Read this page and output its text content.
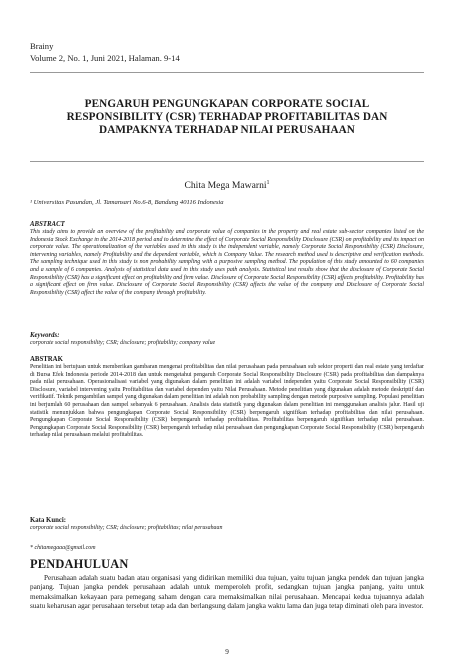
Brainy
Volume 2, No. 1, Juni 2021, Halaman. 9-14
PENGARUH PENGUNGKAPAN CORPORATE SOCIAL
RESPONSIBILITY (CSR) TERHADAP PROFITABILITAS DAN
DAMPAKNYA TERHADAP NILAI PERUSAHAAN
Chita Mega Mawarni$^1$
¹ Universitas Pasundan, Jl. Tamansari No.6-8, Bandung 40116 Indonesia
ABSTRACT
This study aims to provide an overview of the profitability and corporate value of companies in the property and real estate sub-sector companies listed on the Indonesia Stock Exchange in the 2014-2018 period and to determine the effect of Corporate Social Responsibility Disclosure (CSR) on profitability and its impact on corporate value. The operationalization of the variables used in this study is the independent variable, namely Corporate Social Responsibility (CSR) Disclosure, intervening variables, namely Profitability and the dependent variable, which is Company Value. The research method used is descriptive and verification methods. The sampling technique used in this study is non probability sampling with a purposive sampling method. The population of this study amounted to 60 companies and a sample of 6 companies. Analysis of statistical data used in this study uses path analysis. Statistical test results show that the disclosure of Corporate Social Responsibility (CSR) has a significant effect on profitability and firm value. Disclosure of Corporate Social Responsibility (CSR) affects profitability. Profitability has a significant effect on firm value. Disclosure of Corporate Social Responsibility (CSR) affects the value of the company and Disclosure of Corporate Social Responsibility (CSR) affect the value of the company through profitability.
Keywords:
corporate social responsibility; CSR; disclosure; profitability; company value
ABSTRAK
Penelitian ini bertujuan untuk memberikan gambaran mengenai profitabilitas dan nilai perusahaan pada perusahaan sub sektor properti dan real estate yang terdaftar di Bursa Efek Indonesia periode 2014-2018 dan untuk mengetahui pengaruh Corporate Social Responsibility Disclosure (CSR) pada profitabilitas dan dampaknya pada nilai perusahaan. Operasionalisasi variabel yang digunakan dalam penelitian ini adalah variabel independen yaitu Corporate Social Responsibility (CSR) Disclosure, variabel intervening yaitu Profitabilitas dan variabel dependen yaitu Nilai Perusahaan. Metode penelitian yang digunakan adalah metode deskriptif dan verifikatif. Teknik pengambilan sampel yang digunakan dalam penelitian ini adalah non probability sampling dengan metode purposive sampling. Populasi penelitian ini berjumlah 60 perusahaan dan sampel sebanyak 6 perusahaan. Analisis data statistik yang digunakan dalam penelitian ini menggunakan analisis jalur. Hasil uji statistik menunjukkan bahwa pengungkapan Corporate Social Responsibility (CSR) berpengaruh signifikan terhadap profitabilitas dan nilai perusahaan. Pengungkapan Corporate Social Responsibility (CSR) berpengaruh terhadap profitabilitas. Profitabilitas berpengaruh signifikan terhadap nilai perusahaan. Pengungkapan Corporate Social Responsibility (CSR) berpengaruh terhadap nilai perusahaan dan pengungkapan Corporate Social Responsibility (CSR) berpengaruh terhadap nilai perusahaan melalui profitabilitas.
Kata Kunci:
corporate social responsibility; CSR; disclosure; profitabilitas; nilai perusahaan
* chitamegaaa@gmail.com
PENDAHULUAN
Perusahaan adalah suatu badan atau organisasi yang didirikan memiliki dua tujuan, yaitu tujuan jangka pendek dan tujuan jangka panjang. Tujuan jangka pendek perusahaan adalah untuk memperoleh profit, sedangkan tujuan jangka panjang, yaitu untuk memaksimalkan kekayaan para pemegang saham dengan cara memaksimalkan nilai perusahaan. Mencapai kedua tujuannya adalah suatu keharusan agar perusahaan tersebut tetap ada dan berlangsung dalam jangka waktu lama dan juga tetap diminati oleh para investor.
9
